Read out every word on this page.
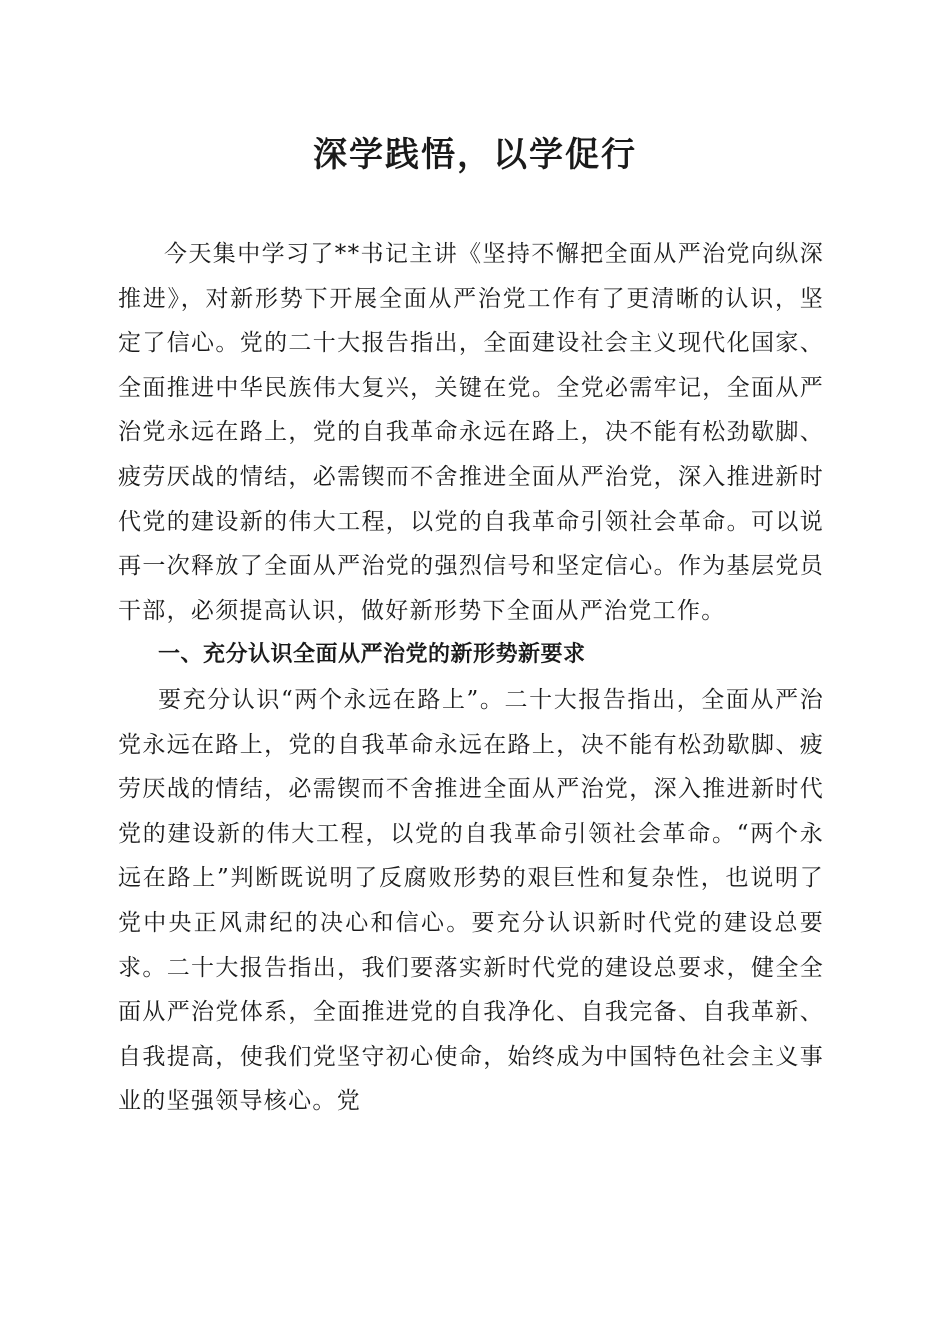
深学践悟，以学促行

今天集中学习了**书记主讲《坚持不懈把全面从严治党向纵深推进》，对新形势下开展全面从严治党工作有了更清晰的认识，坚定了信心。党的二十大报告指出，全面建设社会主义现代化国家、全面推进中华民族伟大复兴，关键在党。全党必需牢记，全面从严治党永远在路上，党的自我革命永远在路上，决不能有松劲歇脚、疲劳厌战的情结，必需锲而不舍推进全面从严治党，深入推进新时代党的建设新的伟大工程，以党的自我革命引领社会革命。可以说再一次释放了全面从严治党的强烈信号和坚定信心。作为基层党员干部，必须提高认识，做好新形势下全面从严治党工作。

一、充分认识全面从严治党的新形势新要求

要充分认识“两个永远在路上”。二十大报告指出，全面从严治党永远在路上，党的自我革命永远在路上，决不能有松劲歇脚、疲劳厌战的情结，必需锲而不舍推进全面从严治党，深入推进新时代党的建设新的伟大工程，以党的自我革命引领社会革命。“两个永远在路上”判断既说明了反腐败形势的艰巨性和复杂性，也说明了党中央正风肃纪的决心和信心。要充分认识新时代党的建设总要求。二十大报告指出，我们要落实新时代党的建设总要求，健全全面从严治党体系，全面推进党的自我净化、自我完备、自我革新、自我提高，使我们党坚守初心使命，始终成为中国特色社会主义事业的坚强领导核心。党
